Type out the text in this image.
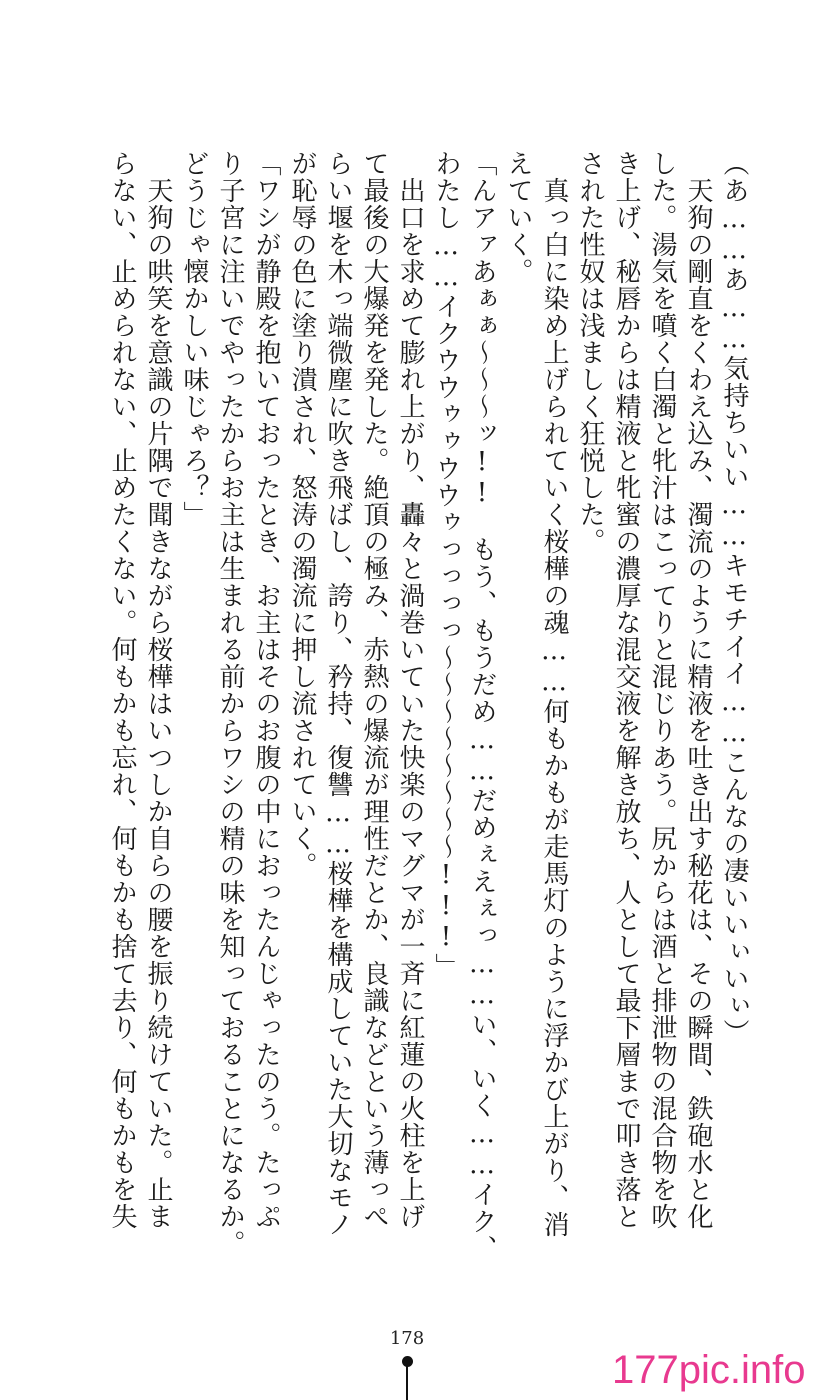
（あ……あ……気持ちいい……キモチイイ……こんなの凄いいぃいぃ）
　天狗の剛直をくわえ込み、濁流のように精液を吐き出す秘花は、その瞬間、鉄砲水と化
した。湯気を噴く白濁と牝汁はこってりと混じりあう。尻からは酒と排泄物の混合物を吹
き上げ、秘唇からは精液と牝蜜の濃厚な混交液を解き放ち、人として最下層まで叩き落と
された性奴は浅ましく狂悦した。
　真っ白に染め上げられていく桜樺の魂……何もかもが走馬灯のように浮かび上がり、消
えていく。
「んアァあぁぁ～～～ッ!!　もう、もうだめ……だめぇえぇっ……い、いく……イク、
わたし……イクウウゥゥウウゥっっっっ～～～～～～～～!!!」
　出口を求めて膨れ上がり、轟々と渦巻いていた快楽のマグマが一斉に紅蓮の火柱を上げ
て最後の大爆発を発した。絶頂の極み、赤熱の爆流が理性だとか、良識などという薄っぺ
らい堰を木っ端微塵に吹き飛ばし、誇り、矜持、復讐……桜樺を構成していた大切なモノ
が恥辱の色に塗り潰され、怒涛の濁流に押し流されていく。
「ワシが静殿を抱いておったとき、お主はそのお腹の中におったんじゃったのう。たっぷ
り子宮に注いでやったからお主は生まれる前からワシの精の味を知っておることになるか。
どうじゃ懐かしい味じゃろ？」
　天狗の哄笑を意識の片隅で聞きながら桜樺はいつしか自らの腰を振り続けていた。止ま
らない、止められない、止めたくない。何もかも忘れ、何もかも捨て去り、何もかもを失
178
177pic.info
